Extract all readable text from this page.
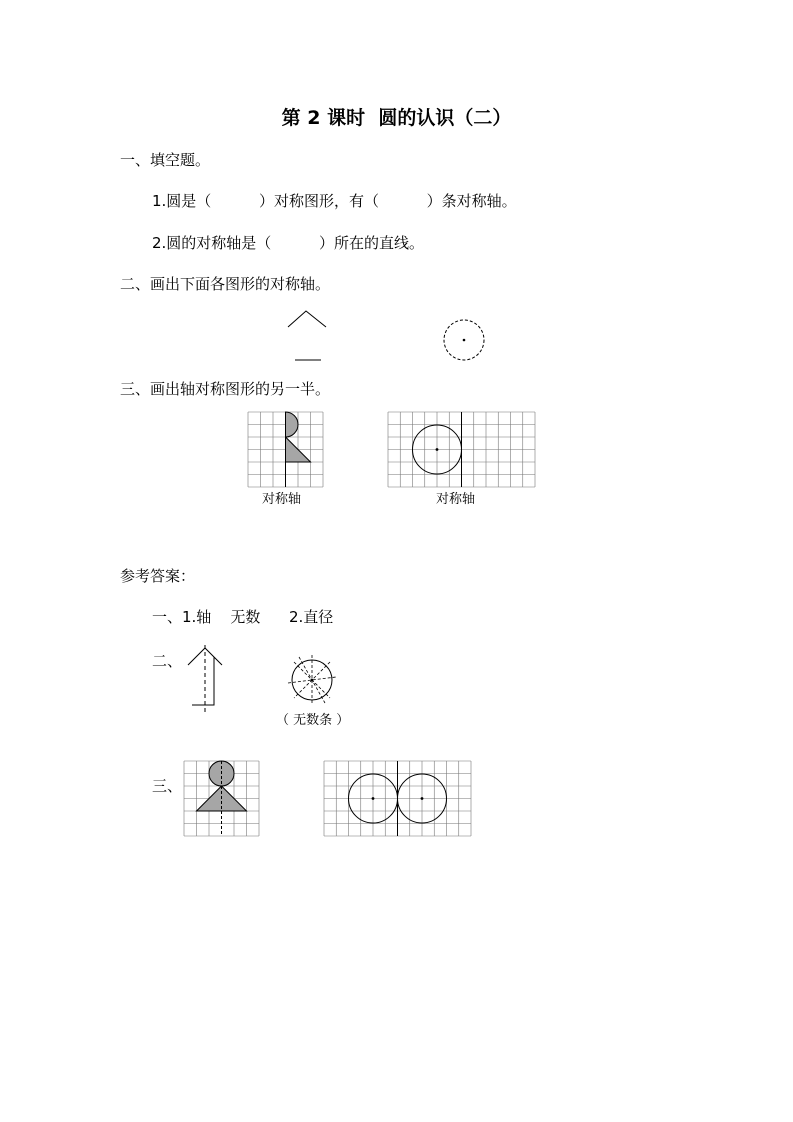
第 2 课时  圆的认识（二）
一、填空题。
1.圆是（          ）对称图形，有（          ）条对称轴。
2.圆的对称轴是（          ）所在的直线。
二、画出下面各图形的对称轴。
三、画出轴对称图形的另一半。
对称轴	对称轴
参考答案：
一、1.轴    无数      2.直径
二、
（ 无数条 ）
三、
